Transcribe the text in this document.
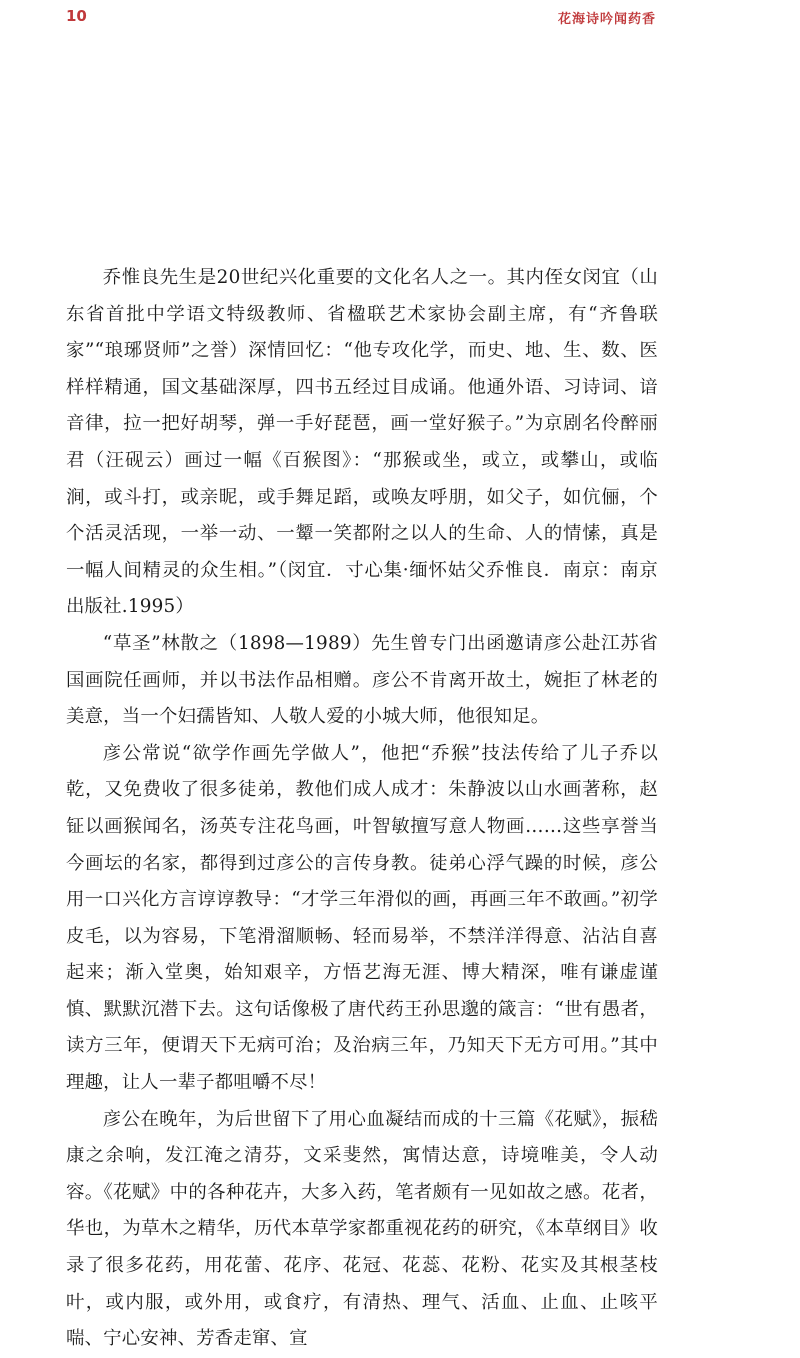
10	花海诗吟闻药香

乔惟良先生是20世纪兴化重要的文化名人之一。其内侄女闵宜（山东省首批中学语文特级教师、省楹联艺术家协会副主席，有“齐鲁联家”“琅琊贤师”之誉）深情回忆：“他专攻化学，而史、地、生、数、医样样精通，国文基础深厚，四书五经过目成诵。他通外语、习诗词、谙音律，拉一把好胡琴，弹一手好琵琶，画一堂好猴子。”为京剧名伶醉丽君（汪砚云）画过一幅《百猴图》：“那猴或坐，或立，或攀山，或临涧，或斗打，或亲昵，或手舞足蹈，或唤友呼朋，如父子，如伉俪，个个活灵活现，一举一动、一颦一笑都附之以人的生命、人的情愫，真是一幅人间精灵的众生相。”（闵宜．寸心集·缅怀姑父乔惟良．南京：南京出版社.1995）

“草圣”林散之（1898—1989）先生曾专门出函邀请彦公赴江苏省国画院任画师，并以书法作品相赠。彦公不肯离开故土，婉拒了林老的美意，当一个妇孺皆知、人敬人爱的小城大师，他很知足。

彦公常说“欲学作画先学做人”，他把“乔猴”技法传给了儿子乔以乾，又免费收了很多徒弟，教他们成人成才：朱静波以山水画著称，赵钲以画猴闻名，汤英专注花鸟画，叶智敏擅写意人物画……这些享誉当今画坛的名家，都得到过彦公的言传身教。徒弟心浮气躁的时候，彦公用一口兴化方言谆谆教导：“才学三年滑似的画，再画三年不敢画。”初学皮毛，以为容易，下笔滑溜顺畅、轻而易举，不禁洋洋得意、沾沾自喜起来；渐入堂奥，始知艰辛，方悟艺海无涯、博大精深，唯有谦虚谨慎、默默沉潜下去。这句话像极了唐代药王孙思邈的箴言：“世有愚者，读方三年，便谓天下无病可治；及治病三年，乃知天下无方可用。”其中理趣，让人一辈子都咀嚼不尽！

彦公在晚年，为后世留下了用心血凝结而成的十三篇《花赋》，振嵇康之余响，发江淹之清芬，文采斐然，寓情达意，诗境唯美，令人动容。《花赋》中的各种花卉，大多入药，笔者颇有一见如故之感。花者，华也，为草木之精华，历代本草学家都重视花药的研究，《本草纲目》收录了很多花药，用花蕾、花序、花冠、花蕊、花粉、花实及其根茎枝叶，或内服，或外用，或食疗，有清热、理气、活血、止血、止咳平喘、宁心安神、芳香走窜、宣
